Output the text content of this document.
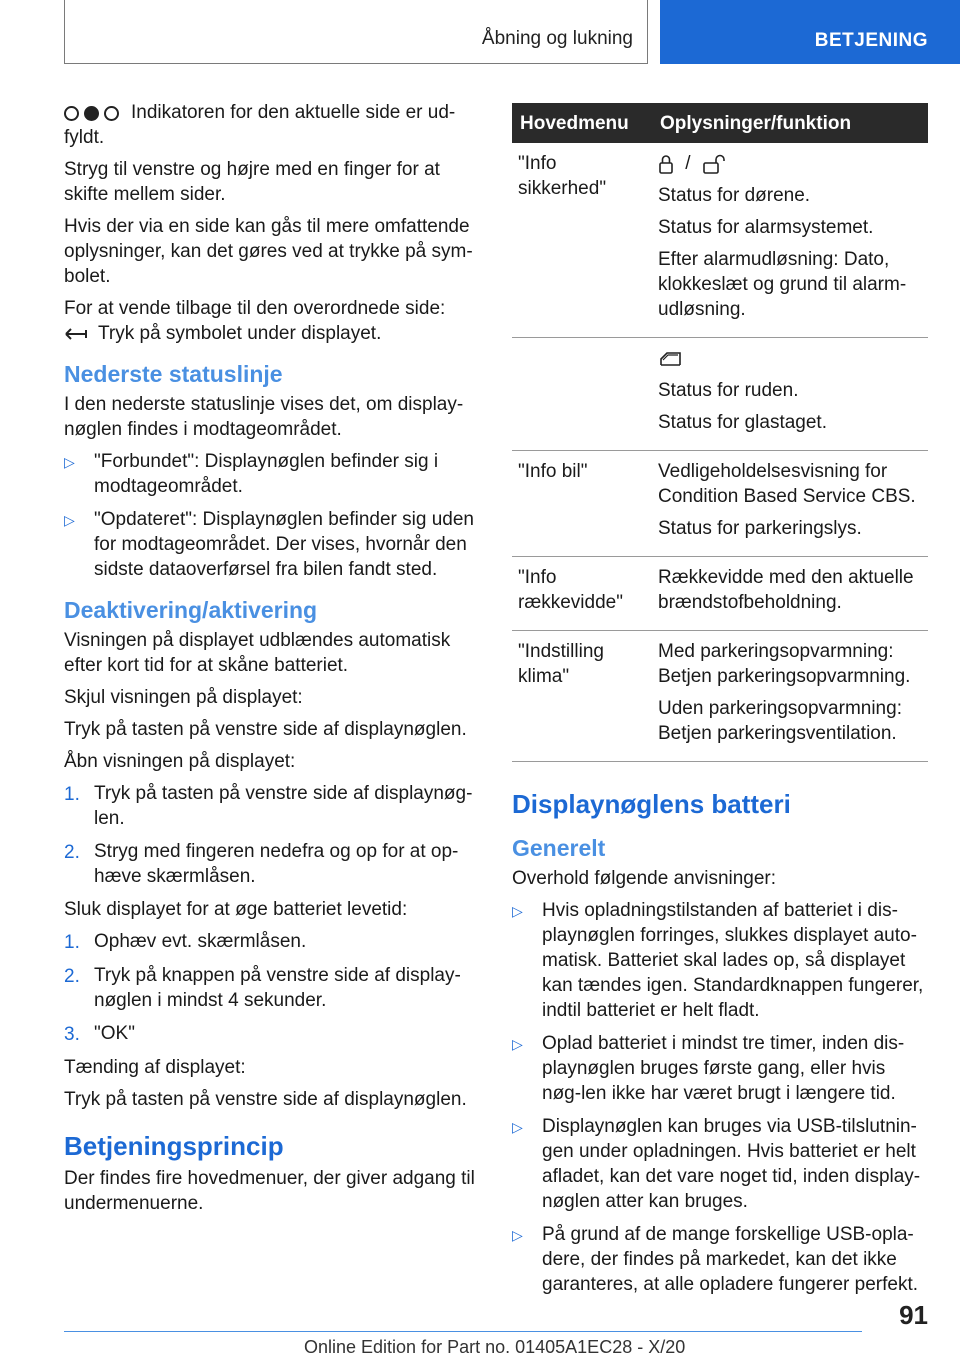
Åbning og lukning	BETJENING

Indikatoren for den aktuelle side er ud-fyldt.

Stryg til venstre og højre med en finger for at skifte mellem sider.

Hvis der via en side kan gås til mere omfattende oplysninger, kan det gøres ved at trykke på sym-bolet.

For at vende tilbage til den overordnede side:
Tryk på symbolet under displayet.

Nederste statuslinje

I den nederste statuslinje vises det, om display-nøglen findes i modtageområdet.

▷	"Forbundet": Displaynøglen befinder sig i modtageområdet.
▷	"Opdateret": Displaynøglen befinder sig uden for modtageområdet. Der vises, hvornår den sidste dataoverførsel fra bilen fandt sted.
Deaktivering/aktivering

Visningen på displayet udblændes automatisk efter kort tid for at skåne batteriet.

Skjul visningen på displayet:

Tryk på tasten på venstre side af displaynøglen.

Åbn visningen på displayet:

1. Tryk på tasten på venstre side af displaynøg-len.
2. Stryg med fingeren nedefra og op for at op-hæve skærmlåsen.

Sluk displayet for at øge batteriet levetid:

1. Ophæv evt. skærmlåsen.
2. Tryk på knappen på venstre side af display-nøglen i mindst 4 sekunder.
3. "OK"

Tænding af displayet:

Tryk på tasten på venstre side af displaynøglen.

Betjeningsprincip

Der findes fire hovedmenuer, der giver adgang til undermenuerne.

Hovedmenu	Oplysninger/funktion
"Info sikkerhed"	/

Status for dørene.

Status for alarmsystemet.

Efter alarmudløsning: Dato, klokkeslæt og grund til alarm-udløsning.

	Status for ruden.

Status for glastaget.

"Info bil"	Vedligeholdelsesvisning for Condition Based Service CBS.

Status for parkeringslys.

"Info rækkevidde"	Rækkevidde med den aktuelle brændstofbeholdning.

"Indstilling klima"	Med parkeringsopvarmning: Betjen parkeringsopvarmning.

Uden parkeringsopvarmning: Betjen parkeringsventilation.

Displaynøglens batteri
Generelt

Overhold følgende anvisninger:

▷	Hvis opladningstilstanden af batteriet i dis-playnøglen forringes, slukkes displayet auto-matisk. Batteriet skal lades op, så displayet kan tændes igen. Standardknappen fungerer, indtil batteriet er helt fladt.
▷	Oplad batteriet i mindst tre timer, inden dis-playnøglen bruges første gang, eller hvis nøg-len ikke har været brugt i længere tid.
▷	Displaynøglen kan bruges via USB-tilslutnin-gen under opladningen. Hvis batteriet er helt afladet, kan det vare noget tid, inden display-nøglen atter kan bruges.
▷	På grund af de mange forskellige USB-opla-dere, der findes på markedet, kan det ikke garanteres, at alle opladere fungerer perfekt.
91
Online Edition for Part no. 01405A1EC28 - X/20
